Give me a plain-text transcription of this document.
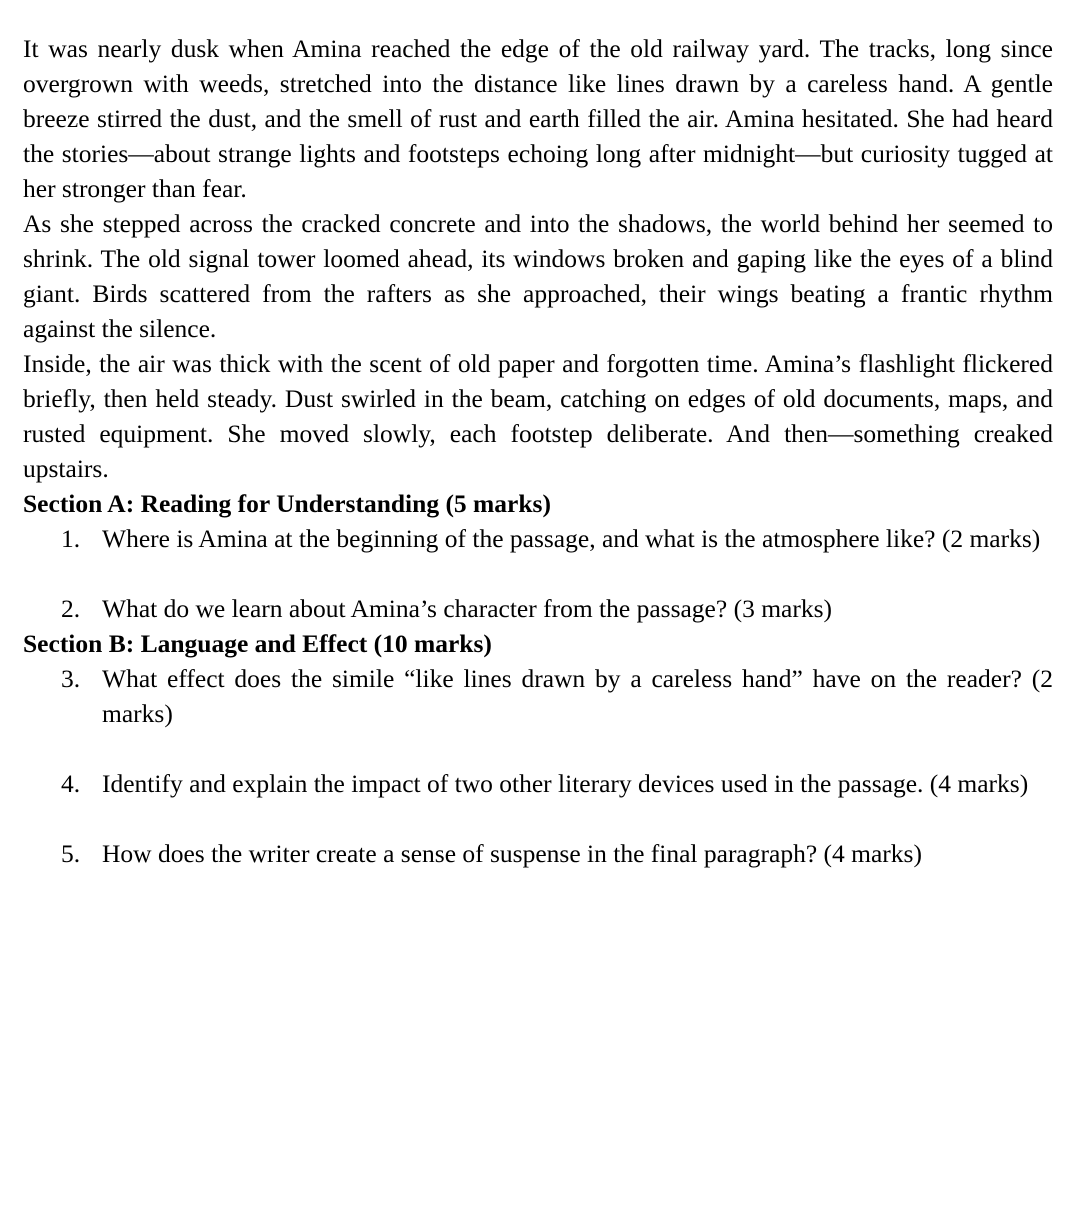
It was nearly dusk when Amina reached the edge of the old railway yard. The tracks, long since overgrown with weeds, stretched into the distance like lines drawn by a careless hand. A gentle breeze stirred the dust, and the smell of rust and earth filled the air. Amina hesitated. She had heard the stories—about strange lights and footsteps echoing long after midnight—but curiosity tugged at her stronger than fear.

As she stepped across the cracked concrete and into the shadows, the world behind her seemed to shrink. The old signal tower loomed ahead, its windows broken and gaping like the eyes of a blind giant. Birds scattered from the rafters as she approached, their wings beating a frantic rhythm against the silence.

Inside, the air was thick with the scent of old paper and forgotten time. Amina’s flashlight flickered briefly, then held steady. Dust swirled in the beam, catching on edges of old documents, maps, and rusted equipment. She moved slowly, each footstep deliberate. And then—something creaked upstairs.

Section A: Reading for Understanding (5 marks)
1. Where is Amina at the beginning of the passage, and what is the atmosphere like? (2 marks)
2. What do we learn about Amina’s character from the passage? (3 marks)
Section B: Language and Effect (10 marks)
3. What effect does the simile “like lines drawn by a careless hand” have on the reader? (2 marks)
4. Identify and explain the impact of two other literary devices used in the passage. (4 marks)
5. How does the writer create a sense of suspense in the final paragraph? (4 marks)
